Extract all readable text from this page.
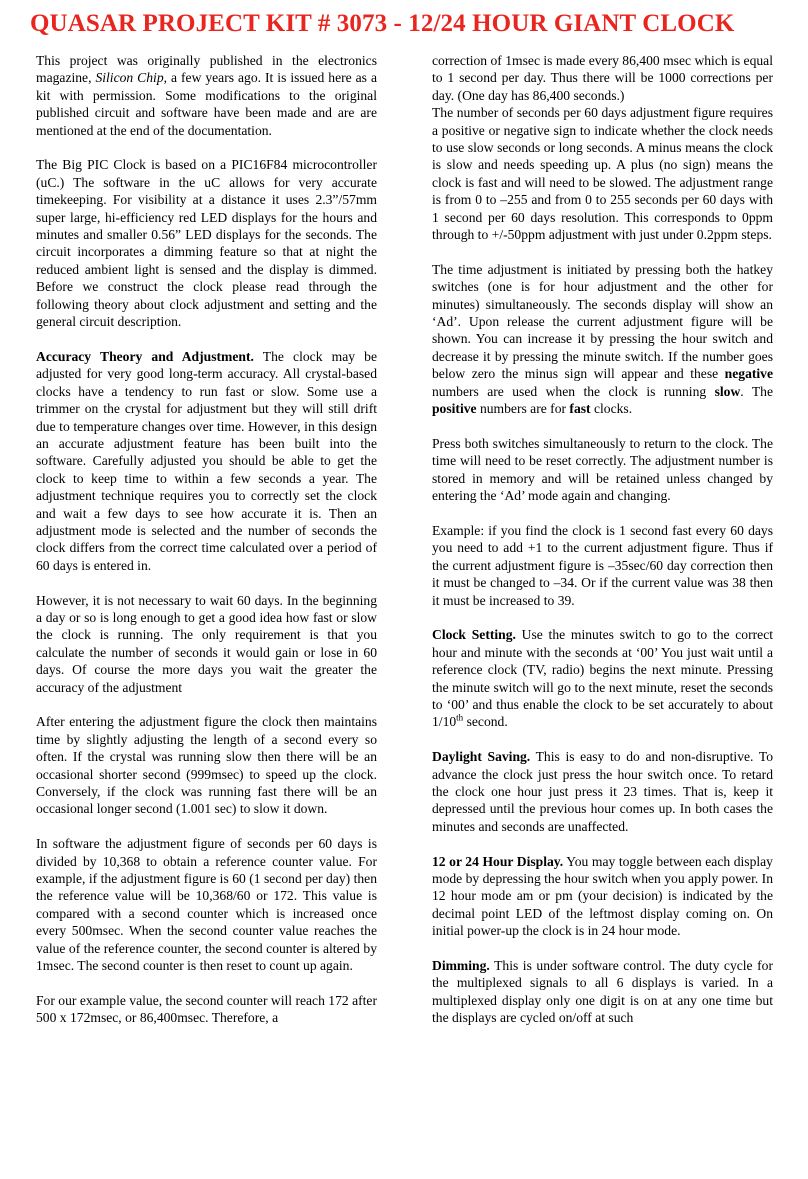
QUASAR PROJECT KIT # 3073 - 12/24 HOUR GIANT CLOCK

This project was originally published in the electronics magazine, Silicon Chip, a few years ago. It is issued here as a kit with permission. Some modifications to the original published circuit and software have been made and are are mentioned at the end of the documentation.

The Big PIC Clock is based on a PIC16F84 microcontroller (uC.) The software in the uC allows for very accurate timekeeping. For visibility at a distance it uses 2.3”/57mm super large, hi-efficiency red LED displays for the hours and minutes and smaller 0.56” LED displays for the seconds. The circuit incorporates a dimming feature so that at night the reduced ambient light is sensed and the display is dimmed. Before we construct the clock please read through the following theory about clock adjustment and setting and the general circuit description.

Accuracy Theory and Adjustment. The clock may be adjusted for very good long-term accuracy. All crystal-based clocks have a tendency to run fast or slow. Some use a trimmer on the crystal for adjustment but they will still drift due to temperature changes over time. However, in this design an accurate adjustment feature has been built into the software. Carefully adjusted you should be able to get the clock to keep time to within a few seconds a year. The adjustment technique requires you to correctly set the clock and wait a few days to see how accurate it is. Then an adjustment mode is selected and the number of seconds the clock differs from the correct time calculated over a period of 60 days is entered in.

However, it is not necessary to wait 60 days. In the beginning a day or so is long enough to get a good idea how fast or slow the clock is running. The only requirement is that you calculate the number of seconds it would gain or lose in 60 days. Of course the more days you wait the greater the accuracy of the adjustment

After entering the adjustment figure the clock then maintains time by slightly adjusting the length of a second every so often. If the crystal was running slow then there will be an occasional shorter second (999msec) to speed up the clock. Conversely, if the clock was running fast there will be an occasional longer second (1.001 sec) to slow it down.

In software the adjustment figure of seconds per 60 days is divided by 10,368 to obtain a reference counter value. For example, if the adjustment figure is 60 (1 second per day) then the reference value will be 10,368/60 or 172. This value is compared with a second counter which is increased once every 500msec. When the second counter value reaches the value of the reference counter, the second counter is altered by 1msec. The second counter is then reset to count up again.

For our example value, the second counter will reach 172 after 500 x 172msec, or 86,400msec. Therefore, a

correction of 1msec is made every 86,400 msec which is equal to 1 second per day. Thus there will be 1000 corrections per day. (One day has 86,400 seconds.)

The number of seconds per 60 days adjustment figure requires a positive or negative sign to indicate whether the clock needs to use slow seconds or long seconds. A minus means the clock is slow and needs speeding up. A plus (no sign) means the clock is fast and will need to be slowed. The adjustment range is from 0 to –255 and from 0 to 255 seconds per 60 days with 1 second per 60 days resolution. This corresponds to 0ppm through to +/-50ppm adjustment with just under 0.2ppm steps.

The time adjustment is initiated by pressing both the hatkey switches (one is for hour adjustment and the other for minutes) simultaneously. The seconds display will show an ‘Ad’. Upon release the current adjustment figure will be shown. You can increase it by pressing the hour switch and decrease it by pressing the minute switch. If the number goes below zero the minus sign will appear and these negative numbers are used when the clock is running slow. The positive numbers are for fast clocks.

Press both switches simultaneously to return to the clock. The time will need to be reset correctly. The adjustment number is stored in memory and will be retained unless changed by entering the ‘Ad’ mode again and changing.

Example: if you find the clock is 1 second fast every 60 days you need to add +1 to the current adjustment figure. Thus if the current adjustment figure is –35sec/60 day correction then it must be changed to –34. Or if the current value was 38 then it must be increased to 39.

Clock Setting. Use the minutes switch to go to the correct hour and minute with the seconds at ‘00’ You just wait until a reference clock (TV, radio) begins the next minute. Pressing the minute switch will go to the next minute, reset the seconds to ‘00’ and thus enable the clock to be set accurately to about 1/10th second.

Daylight Saving. This is easy to do and non-disruptive. To advance the clock just press the hour switch once. To retard the clock one hour just press it 23 times. That is, keep it depressed until the previous hour comes up. In both cases the minutes and seconds are unaffected.

12 or 24 Hour Display. You may toggle between each display mode by depressing the hour switch when you apply power. In 12 hour mode am or pm (your decision) is indicated by the decimal point LED of the leftmost display coming on. On initial power-up the clock is in 24 hour mode.

Dimming. This is under software control. The duty cycle for the multiplexed signals to all 6 displays is varied. In a multiplexed display only one digit is on at any one time but the displays are cycled on/off at such
